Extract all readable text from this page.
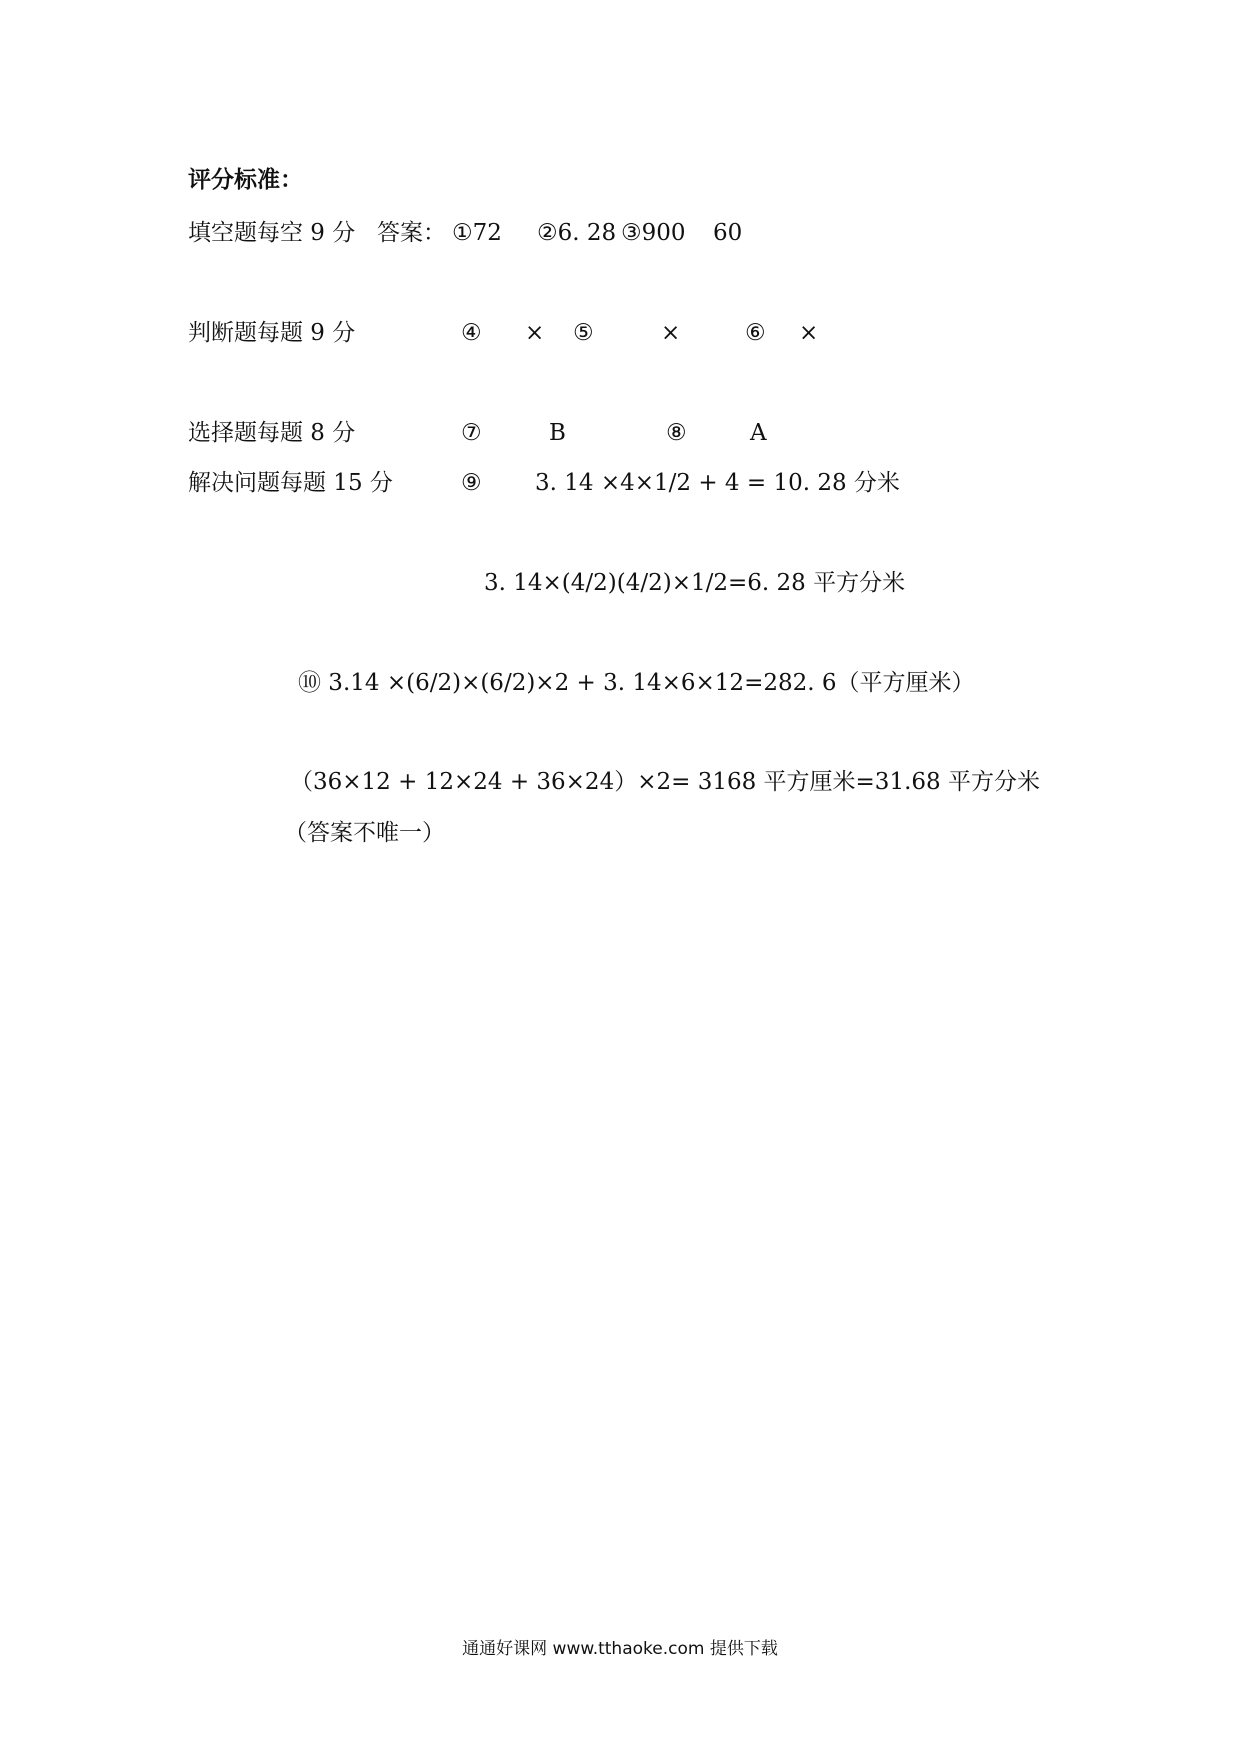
评分标准：
填空题每空 9 分 答案： ①72 ②6. 28 ③900 60
判断题每题 9 分	④ × ⑤	×	⑥ ×
选择题每题 8 分	⑦	B	⑧	A
解决问题每题 15 分	⑨ 3. 14 ×4×1/2 + 4 = 10. 28 分米
3. 14×(4/2)(4/2)×1/2=6. 28 平方分米
⑩ 3.14 ×(6/2)×(6/2)×2 + 3. 14×6×12=282. 6（平方厘米）
（36×12 + 12×24 + 36×24）×2= 3168 平方厘米=31.68 平方分米
（答案不唯一）
通通好课网 www.tthaoke.com 提供下载
